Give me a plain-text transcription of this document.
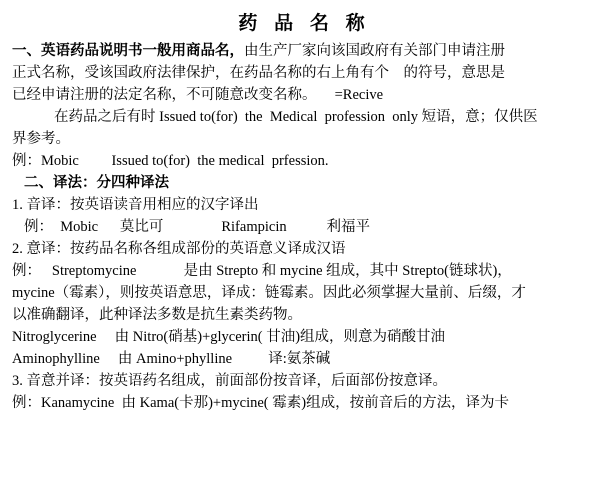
药 品 名 称

一、英语药品说明书一般用商品名，由生产厂家向该国政府有关部门申请注册

正式名称，受该国政府法律保护，在药品名称的右上角有个    的符号，意思是

已经申请注册的法定名称，不可随意改变名称。     =Recive

在药品之后有时 Issued to(for)  the  Medical  profession  only 短语，意；仅供医

界参考。

例：Mobic         Issued to(for)  the medical  prfession.

二、译法：分四种译法

1. 音译：按英语读音用相应的汉字译出

例：  Mobic      莫比可                Rifampicin           利福平

2. 意译：按药品名称各组成部份的英语意义译成汉语

例：   Streptomycine             是由 Strepto 和 mycine 组成，其中 Strepto(链球状)，

mycine（霉素），则按英语意思，译成：链霉素。因此必须掌握大量前、后缀，才

以准确翻译，此种译法多数是抗生素类药物。

Nitroglycerine     由 Nitro(硝基)+glycerin( 甘油)组成，则意为硝酸甘油

Aminophylline     由 Amino+phylline          译:氨茶碱

3. 音意并译：按英语药名组成，前面部份按音译，后面部份按意译。

例：Kanamycine  由 Kama(卡那)+mycine( 霉素)组成，按前音后的方法，译为卡
